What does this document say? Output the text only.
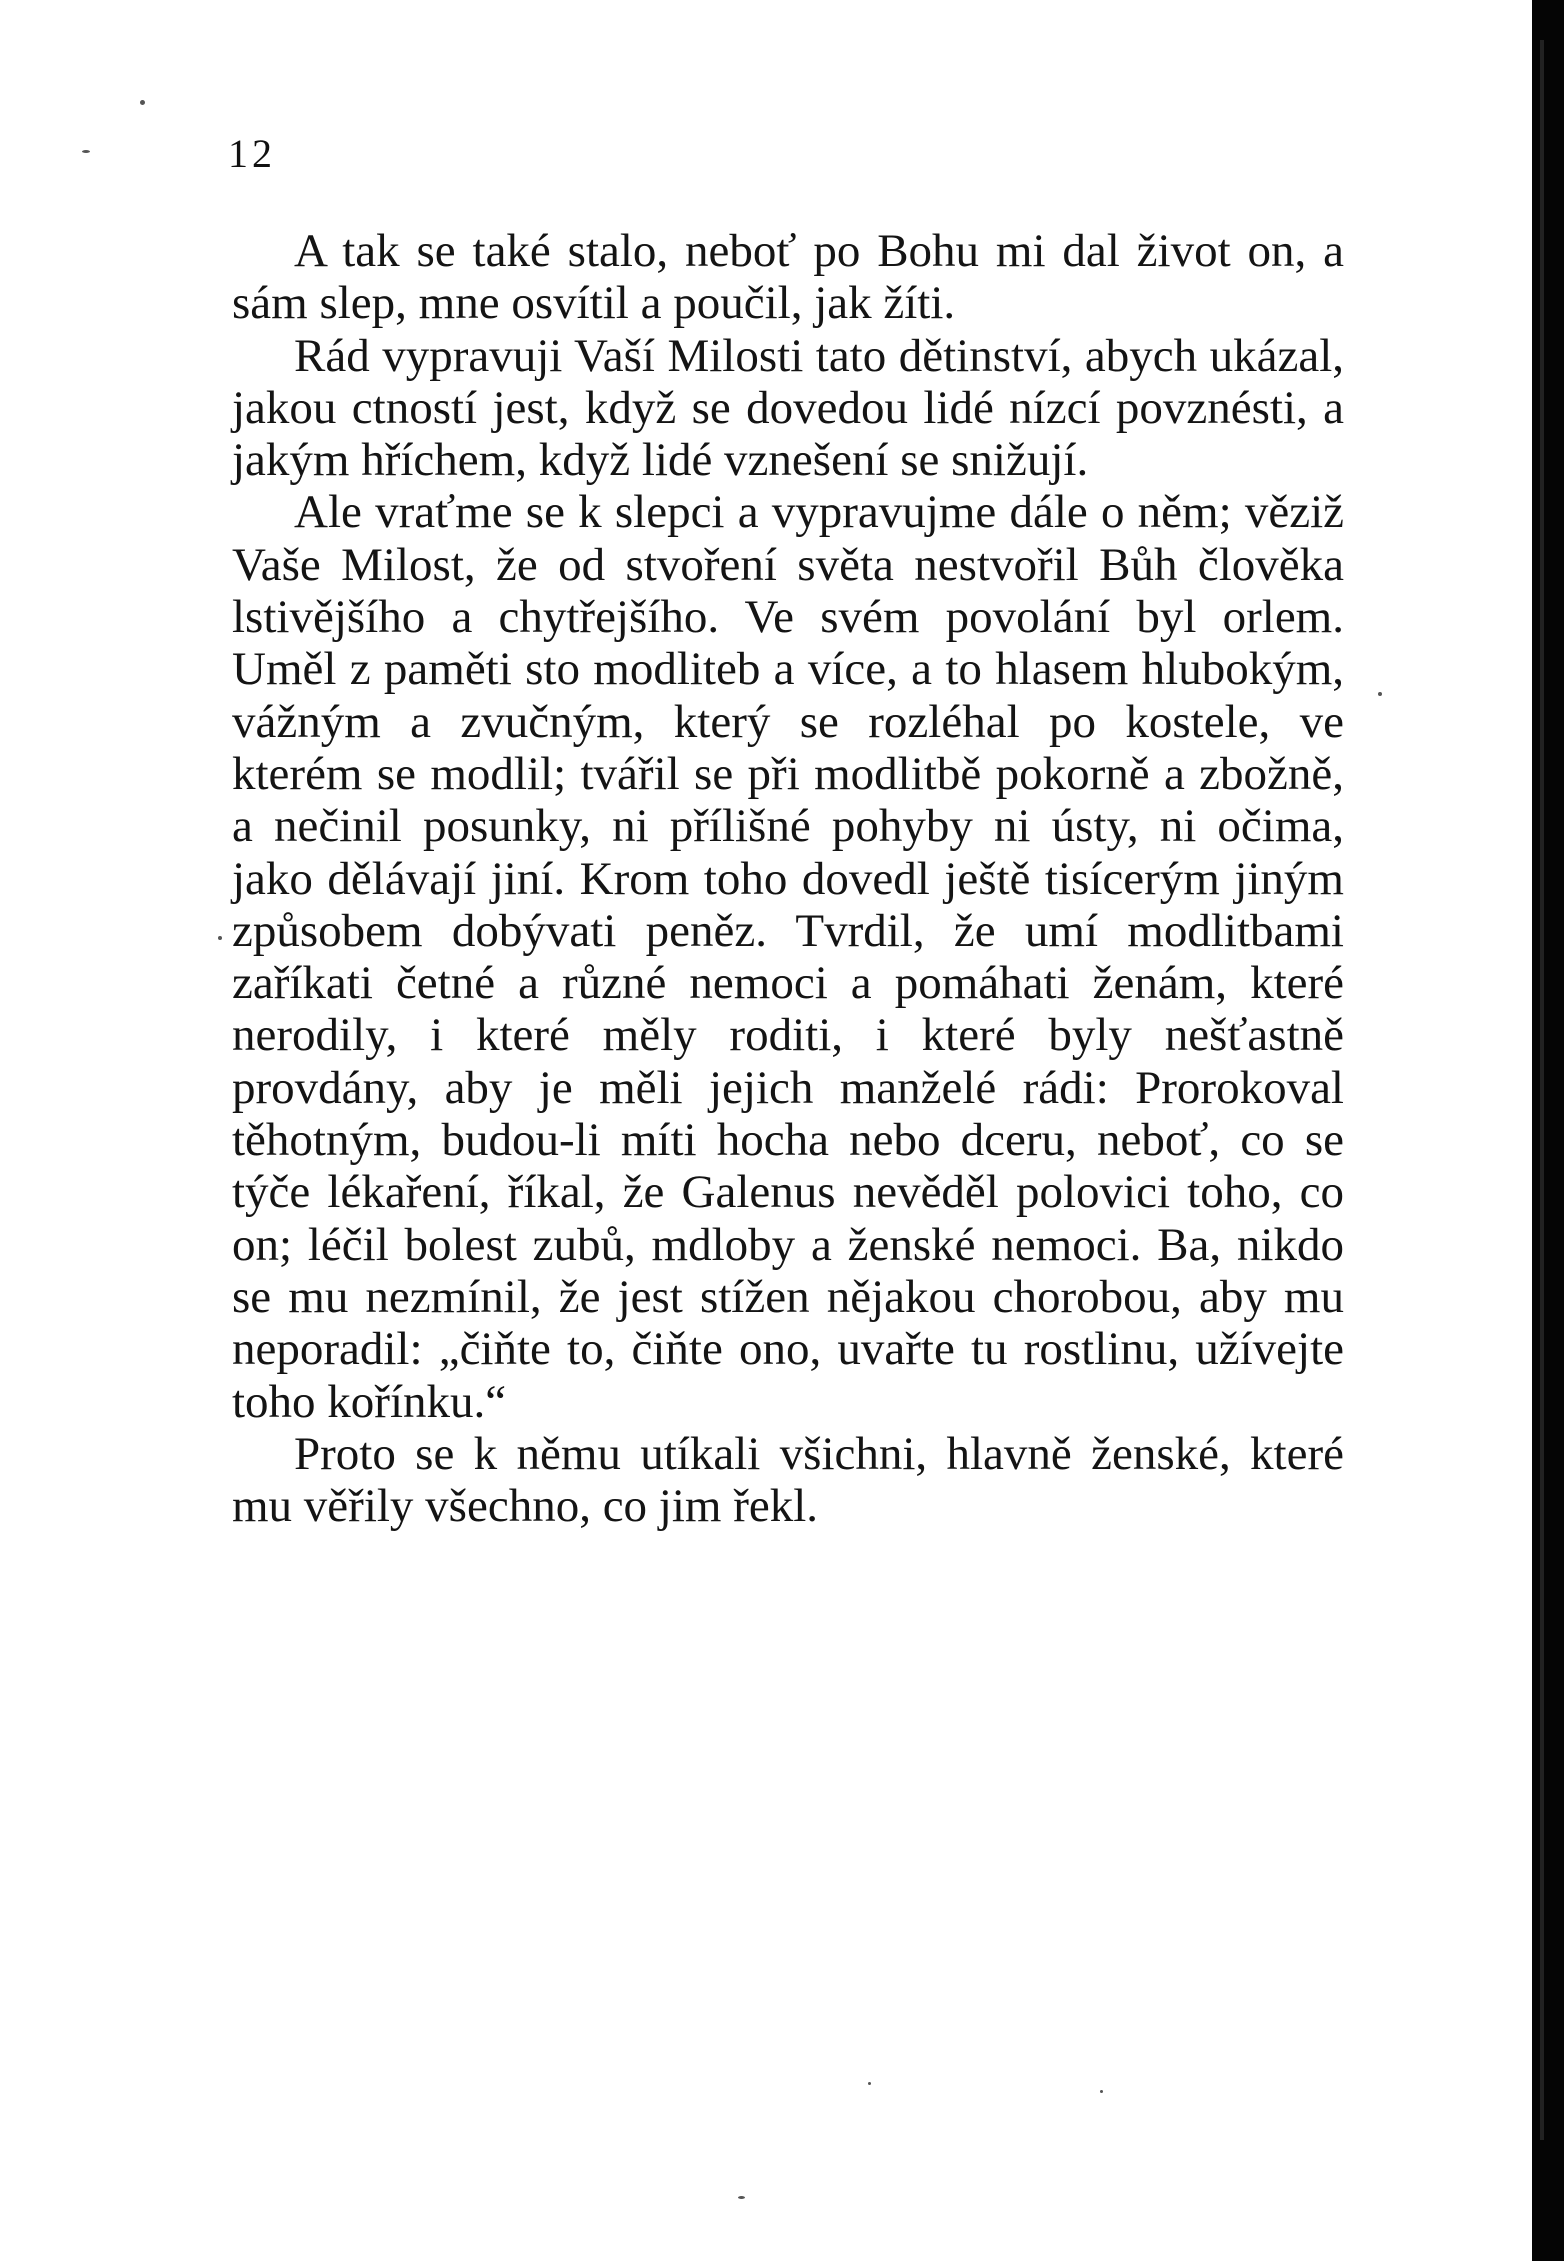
12

A tak se také stalo, neboť po Bohu mi dal život on, a sám slep, mne osvítil a poučil, jak žíti.

Rád vypravuji Vaší Milosti tato dětinství, abych ukázal, jakou ctností jest, když se dovedou lidé nízcí povznésti, a jakým hříchem, když lidé vznešení se snižují.

Ale vraťme se k slepci a vypravujme dále o něm; věziž Vaše Milost, že od stvoření světa nestvořil Bůh člověka lstivějšího a chytřejšího. Ve svém povolání byl orlem. Uměl z paměti sto modliteb a více, a to hlasem hlubokým, vážným a zvučným, který se rozléhal po kostele, ve kterém se modlil; tvářil se při modlitbě pokorně a zbožně, a nečinil posunky, ni přílišné pohyby ni ústy, ni očima, jako dělávají jiní. Krom toho dovedl ještě tisícerým jiným způsobem dobývati peněz. Tvrdil, že umí modlitbami zaříkati četné a různé nemoci a pomáhati ženám, které nerodily, i které měly roditi, i které byly nešťastně provdány, aby je měli jejich manželé rádi: Prorokoval těhotným, budou-li míti hocha nebo dceru, neboť, co se týče lékaření, říkal, že Galenus nevěděl polovici toho, co on; léčil bolest zubů, mdloby a ženské nemoci. Ba, nikdo se mu nezmínil, že jest stížen nějakou chorobou, aby mu neporadil: „čiňte to, čiňte ono, uvařte tu rostlinu, užívejte toho kořínku.“

Proto se k němu utíkali všichni, hlavně ženské, které mu věřily všechno, co jim řekl.
